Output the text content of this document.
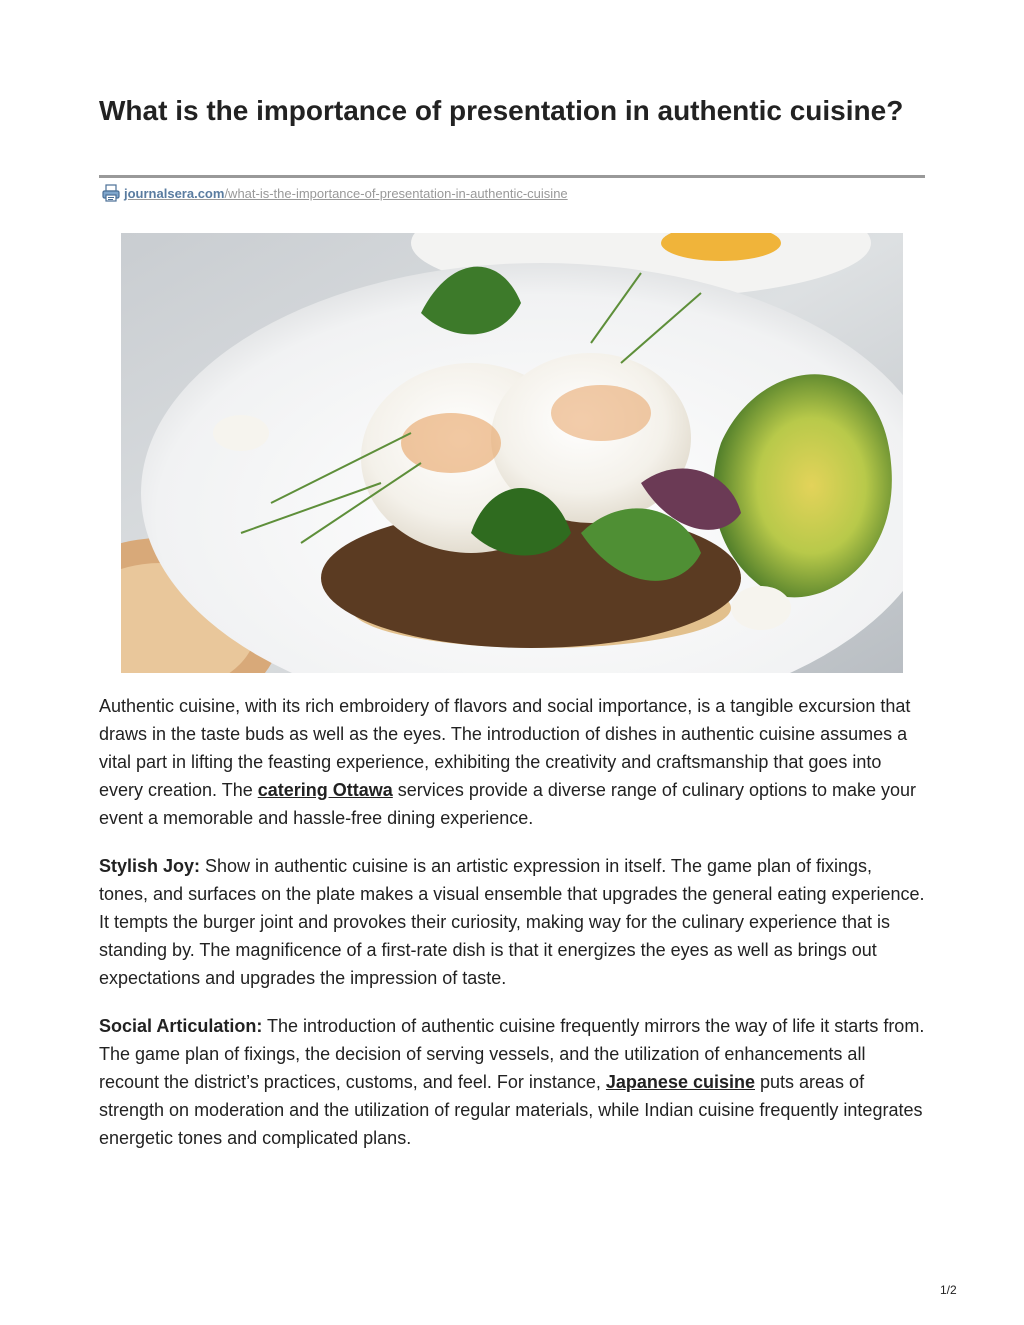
What is the importance of presentation in authentic cuisine?
journalsera.com/what-is-the-importance-of-presentation-in-authentic-cuisine

Authentic cuisine, with its rich embroidery of flavors and social importance, is a tangible excursion that draws in the taste buds as well as the eyes. The introduction of dishes in authentic cuisine assumes a vital part in lifting the feasting experience, exhibiting the creativity and craftsmanship that goes into every creation. The catering Ottawa services provide a diverse range of culinary options to make your event a memorable and hassle-free dining experience.

Stylish Joy: Show in authentic cuisine is an artistic expression in itself. The game plan of fixings, tones, and surfaces on the plate makes a visual ensemble that upgrades the general eating experience. It tempts the burger joint and provokes their curiosity, making way for the culinary experience that is standing by. The magnificence of a first-rate dish is that it energizes the eyes as well as brings out expectations and upgrades the impression of taste.

Social Articulation: The introduction of authentic cuisine frequently mirrors the way of life it starts from. The game plan of fixings, the decision of serving vessels, and the utilization of enhancements all recount the district’s practices, customs, and feel. For instance, Japanese cuisine puts areas of strength on moderation and the utilization of regular materials, while Indian cuisine frequently integrates energetic tones and complicated plans.

1/2
